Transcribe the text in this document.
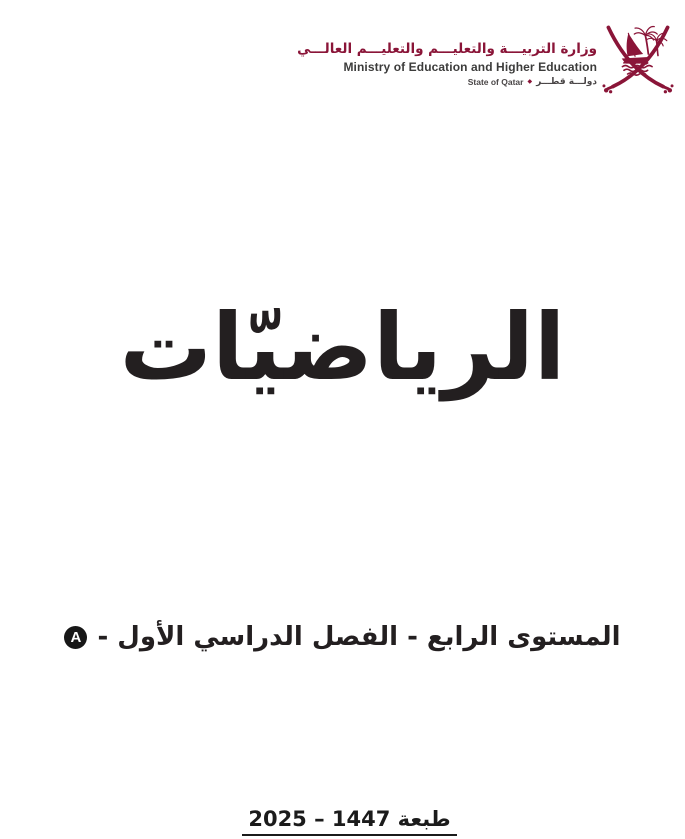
وزارة التربيـــة والتعليـــم والتعليـــم العالـــي
Ministry of Education and Higher Education
دولـــة قطـــر
◆
State of Qatar
الرياضيّات
المستوى الرابع - الفصل الدراسي الأول -
A
طبعة 1447 – 2025
